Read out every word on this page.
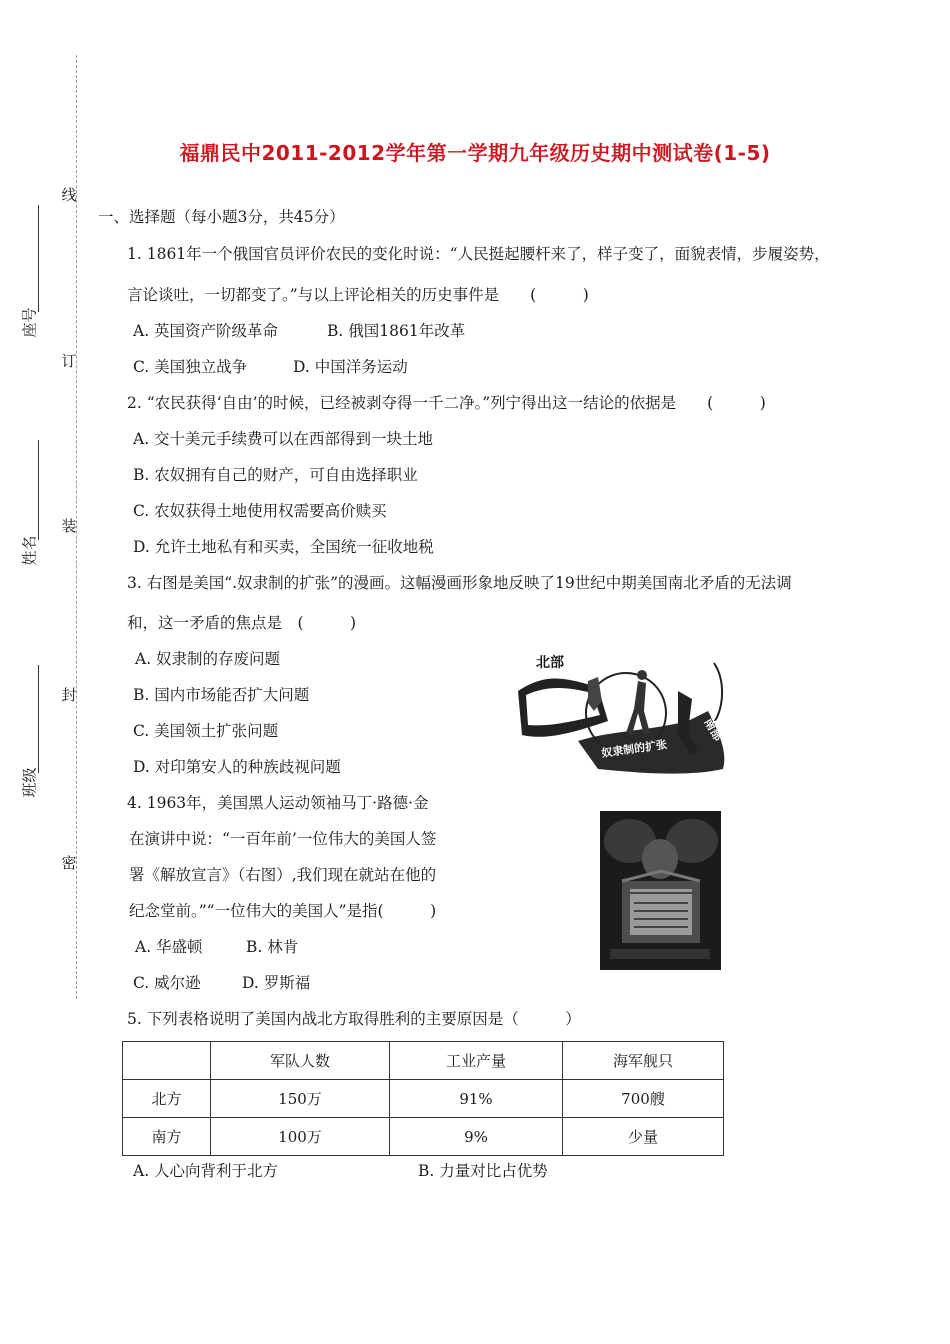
线
订
装
封
密
座号
姓名
班级
福鼎民中2011-2012学年第一学期九年级历史期中测试卷(1-5)
一、选择题（每小题3分，共45分）
1. 1861年一个俄国官员评价农民的变化时说：“人民挺起腰杆来了，样子变了，面貌表情，步履姿势，
言论谈吐，一切都变了。”与以上评论相关的历史事件是　　(　　　)
A. 英国资产阶级革命	B. 俄国1861年改革
C. 美国独立战争	D. 中国洋务运动
2. “农民获得‘自由’的时候，已经被剥夺得一千二净。”列宁得出这一结论的依据是　　(　　　)
A. 交十美元手续费可以在西部得到一块土地
B. 农奴拥有自己的财产，可自由选择职业
C. 农奴获得土地使用权需要高价赎买
D. 允许土地私有和买卖，全国统一征收地税
3. 右图是美国“.奴隶制的扩张”的漫画。这幅漫画形象地反映了19世纪中期美国南北矛盾的无法调
和，这一矛盾的焦点是　(　　　)
A. 奴隶制的存废问题
B. 国内市场能否扩大问题
C. 美国领土扩张问题
D. 对印第安人的种族歧视问题
北部
南部
西部 奴隶制的扩张
4. 1963年，美国黑人运动领袖马丁·路德·金
在演讲中说：“一百年前’一位伟大的美国人签
署《解放宣言》（右图）,我们现在就站在他的
纪念堂前。”“一位伟大的美国人”是指(　　　)
A. 华盛顿	B. 林肯
C. 威尔逊	D. 罗斯福
5. 下列表格说明了美国内战北方取得胜利的主要原因是（　　　）
	军队人数	工业产量	海军舰只
北方	150万	91%	700艘
南方	100万	9%	少量
A. 人心向背利于北方	B. 力量对比占优势
